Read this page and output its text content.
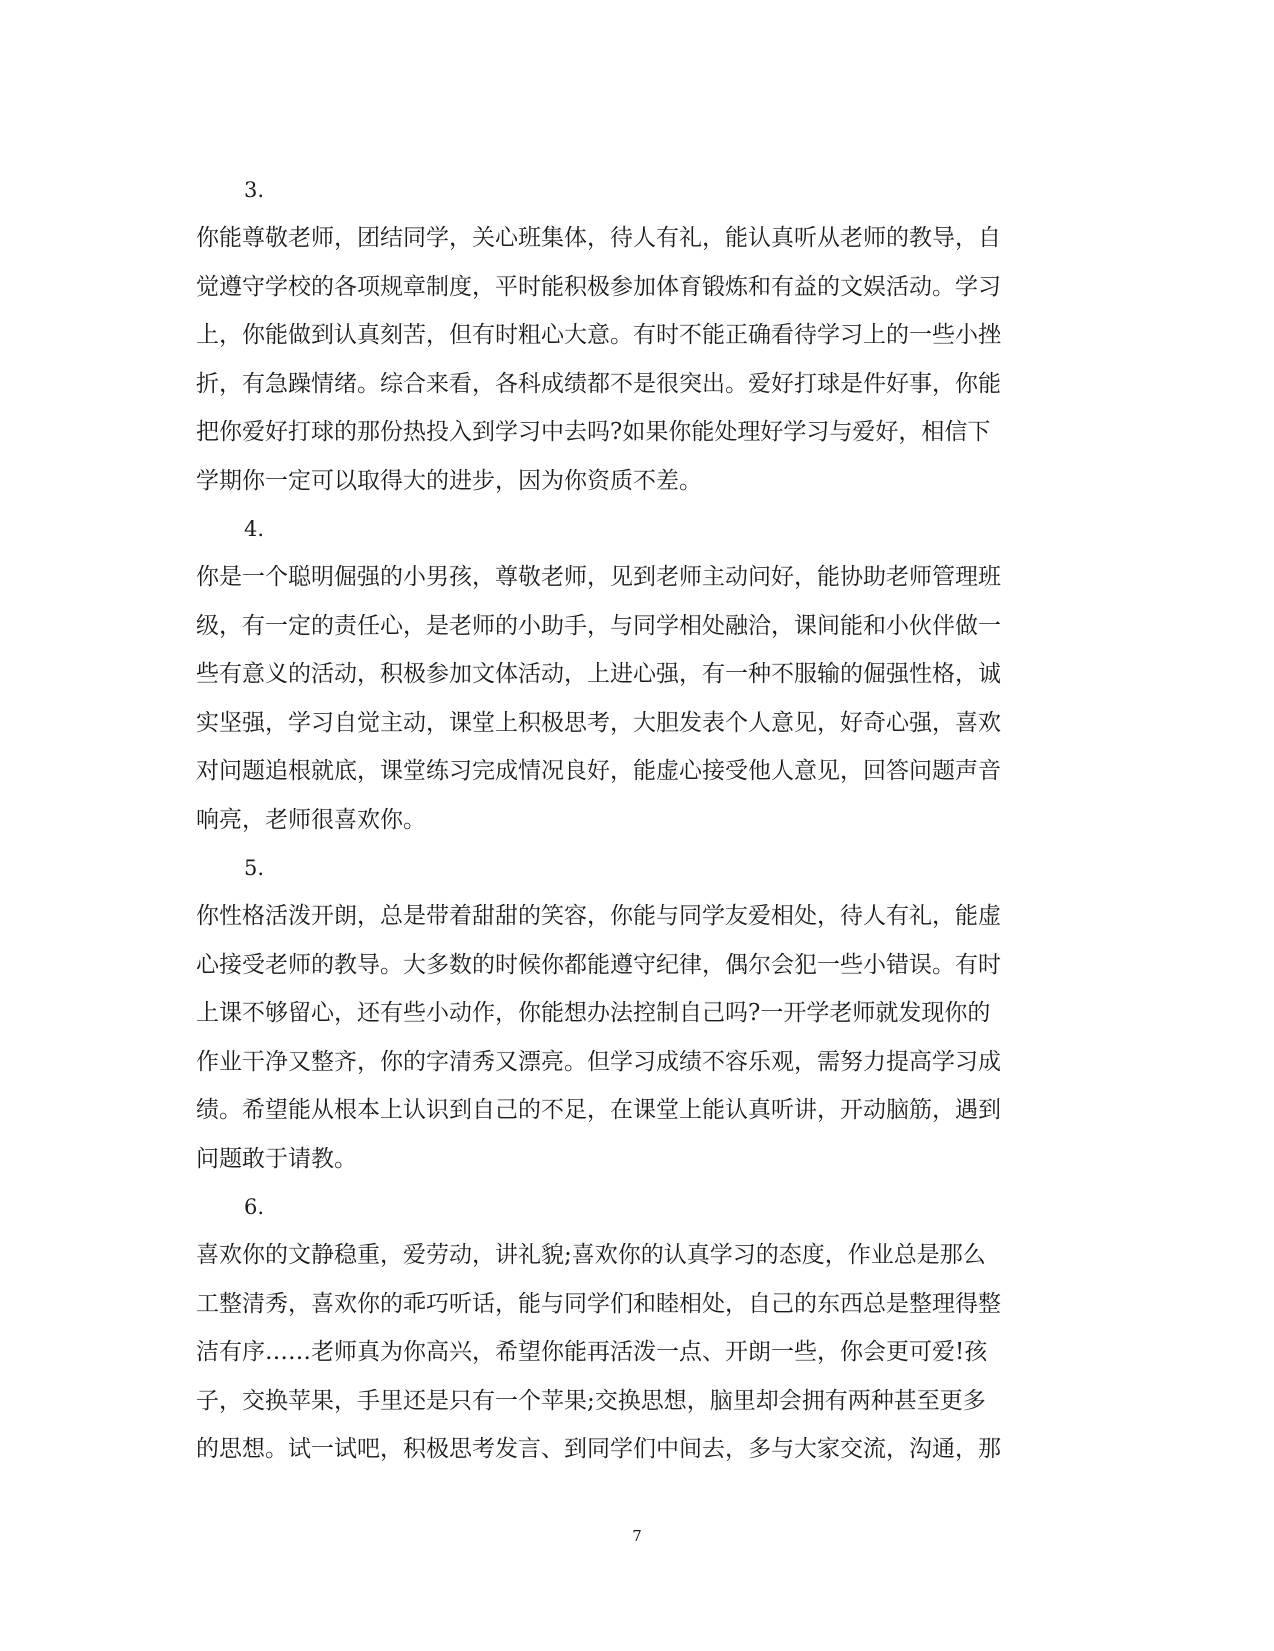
3.

你能尊敬老师，团结同学，关心班集体，待人有礼，能认真听从老师的教导，自

觉遵守学校的各项规章制度，平时能积极参加体育锻炼和有益的文娱活动。学习

上，你能做到认真刻苦，但有时粗心大意。有时不能正确看待学习上的一些小挫

折，有急躁情绪。综合来看，各科成绩都不是很突出。爱好打球是件好事，你能

把你爱好打球的那份热投入到学习中去吗?如果你能处理好学习与爱好，相信下

学期你一定可以取得大的进步，因为你资质不差。

4.

你是一个聪明倔强的小男孩，尊敬老师，见到老师主动问好，能协助老师管理班

级，有一定的责任心，是老师的小助手，与同学相处融洽，课间能和小伙伴做一

些有意义的活动，积极参加文体活动，上进心强，有一种不服输的倔强性格，诚

实坚强，学习自觉主动，课堂上积极思考，大胆发表个人意见，好奇心强，喜欢

对问题追根就底，课堂练习完成情况良好，能虚心接受他人意见，回答问题声音

响亮，老师很喜欢你。

5.

你性格活泼开朗，总是带着甜甜的笑容，你能与同学友爱相处，待人有礼，能虚

心接受老师的教导。大多数的时候你都能遵守纪律，偶尔会犯一些小错误。有时

上课不够留心，还有些小动作，你能想办法控制自己吗?一开学老师就发现你的

作业干净又整齐，你的字清秀又漂亮。但学习成绩不容乐观，需努力提高学习成

绩。希望能从根本上认识到自己的不足，在课堂上能认真听讲，开动脑筋，遇到

问题敢于请教。

6.

喜欢你的文静稳重，爱劳动，讲礼貌;喜欢你的认真学习的态度，作业总是那么

工整清秀，喜欢你的乖巧听话，能与同学们和睦相处，自己的东西总是整理得整

洁有序……老师真为你高兴，希望你能再活泼一点、开朗一些，你会更可爱!孩

子，交换苹果，手里还是只有一个苹果;交换思想，脑里却会拥有两种甚至更多

的思想。试一试吧，积极思考发言、到同学们中间去，多与大家交流，沟通，那

7
